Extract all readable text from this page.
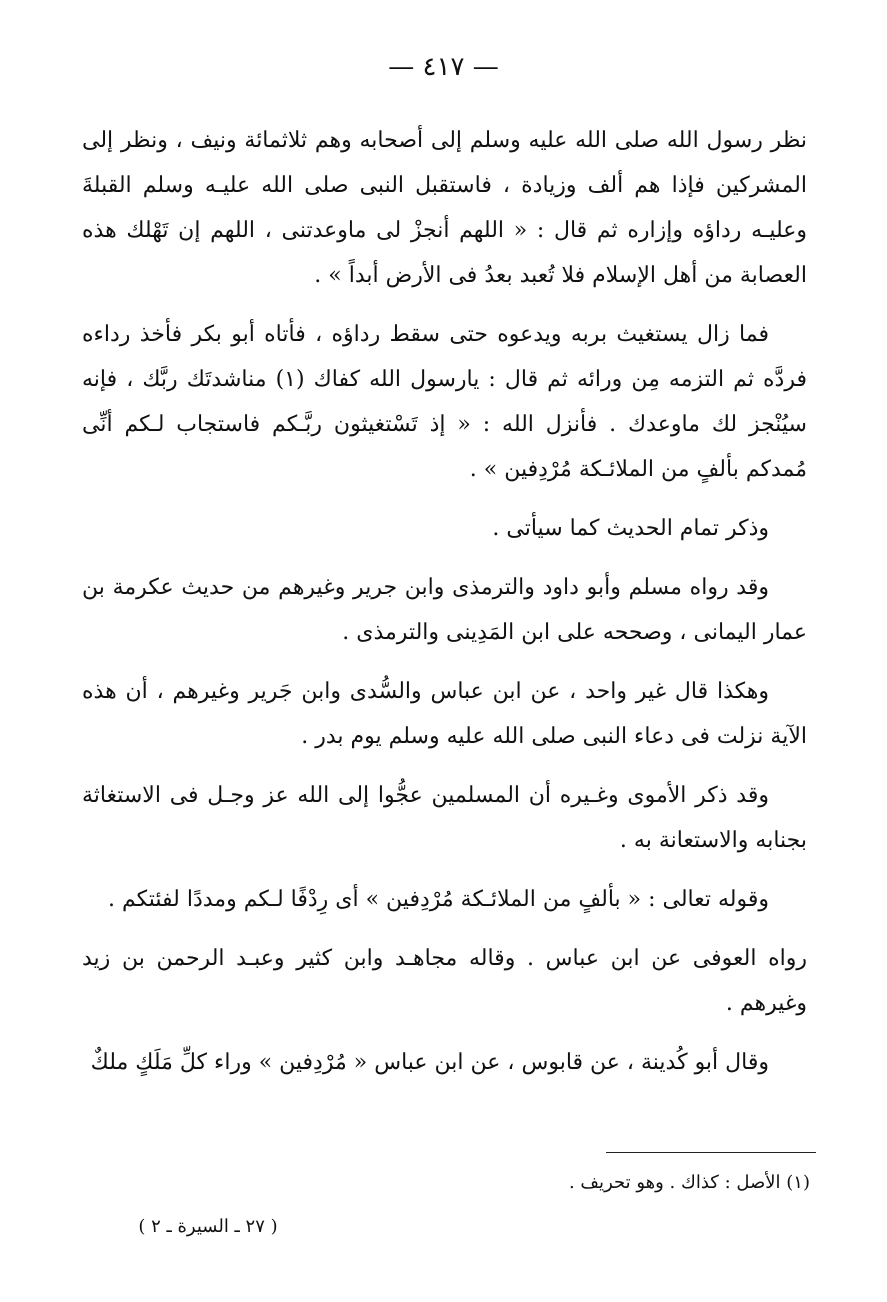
— ٤١٧ —

نظر رسول الله صلى الله عليه وسلم إلى أصحابه وهم ثلاثمائة ونيف ، ونظر إلى المشركين فإذا هم ألف وزيادة ، فاستقبل النبى صلى الله عليـه وسلم القبلةَ وعليـه رداؤه وإزاره ثم قال : « اللهم أنجزْ لى ماوعدتنى ، اللهم إن تَهْلك هذه العصابة من أهل الإسلام فلا تُعبد بعدُ فى الأرض أبداً » .

فما زال يستغيث بربه ويدعوه حتى سقط رداؤه ، فأتاه أبو بكر فأخذ رداءه فردَّه ثم التزمه مِن ورائه ثم قال : يارسول الله كفاك (١) مناشدتَك ربَّك ، فإنه سيُنْجز لك ماوعدك . فأنزل الله : « إذ تَسْتغيثون ربَّـكم فاستجاب لـكم أنِّى مُمدكم بألفٍ من الملائـكة مُرْدِفين » .

وذكر تمام الحديث كما سيأتى .

وقد رواه مسلم وأبو داود والترمذى وابن جرير وغيرهم من حديث عكرمة بن عمار اليمانى ، وصححه على ابن المَدِينى والترمذى .

وهكذا قال غير واحد ، عن ابن عباس والسُّدى وابن جَرير وغيرهم ، أن هذه الآية نزلت فى دعاء النبى صلى الله عليه وسلم يوم بدر .

وقد ذكر الأموى وغـيره أن المسلمين عجُّوا إلى الله عز وجـل فى الاستغاثة بجنابه والاستعانة به .

وقوله تعالى : « بألفٍ من الملائـكة مُرْدِفين » أى رِدْفًا لـكم ومددًا لفئتكم .

رواه العوفى عن ابن عباس . وقاله مجاهـد وابن كثير وعبـد الرحمن بن زيد وغيرهم .

وقال أبو كُدينة ، عن قابوس ، عن ابن عباس « مُرْدِفين » وراء كلِّ مَلَكٍ ملكٌ

(١) الأصل : كذاك . وهو تحريف .
( ٢٧ ـ السيرة ـ ٢ )
